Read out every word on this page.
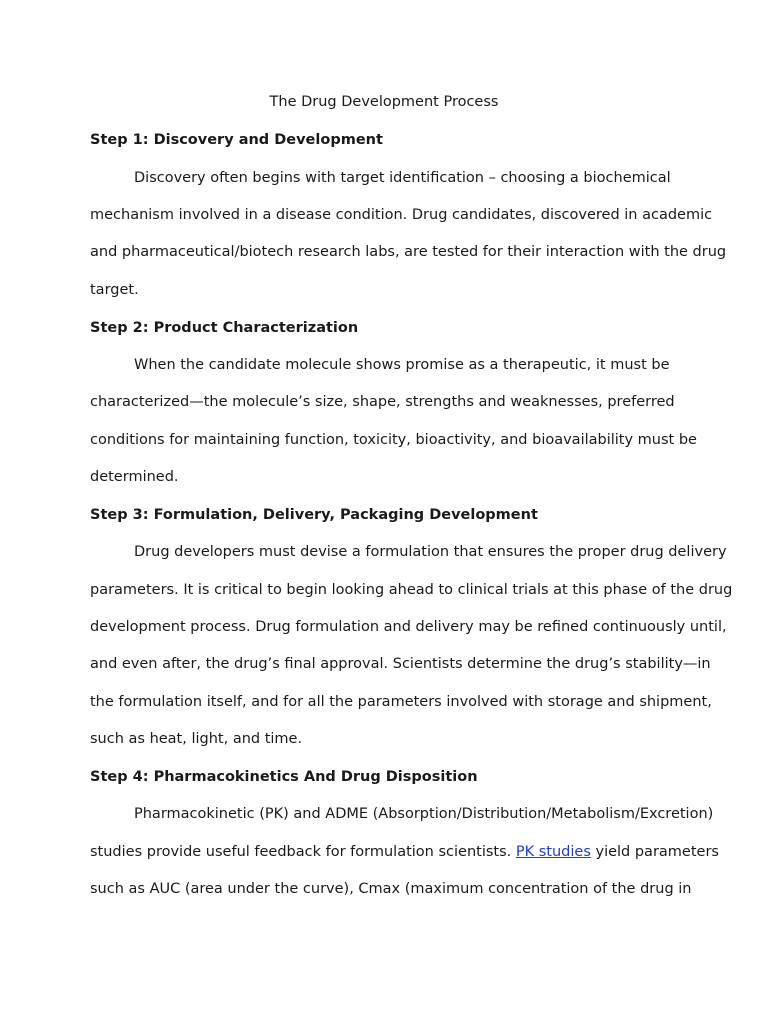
The Drug Development Process
Step 1: Discovery and Development
Discovery often begins with target identification – choosing a biochemical
mechanism involved in a disease condition. Drug candidates, discovered in academic
and pharmaceutical/biotech research labs, are tested for their interaction with the drug
target.
Step 2: Product Characterization
When the candidate molecule shows promise as a therapeutic, it must be
characterized—the molecule’s size, shape, strengths and weaknesses, preferred
conditions for maintaining function, toxicity, bioactivity, and bioavailability must be
determined.
Step 3: Formulation, Delivery, Packaging Development
Drug developers must devise a formulation that ensures the proper drug delivery
parameters. It is critical to begin looking ahead to clinical trials at this phase of the drug
development process. Drug formulation and delivery may be refined continuously until,
and even after, the drug’s final approval. Scientists determine the drug’s stability—in
the formulation itself, and for all the parameters involved with storage and shipment,
such as heat, light, and time.
Step 4: Pharmacokinetics And Drug Disposition
Pharmacokinetic (PK) and ADME (Absorption/Distribution/Metabolism/Excretion)
studies provide useful feedback for formulation scientists. PK studies yield parameters
such as AUC (area under the curve), Cmax (maximum concentration of the drug in
